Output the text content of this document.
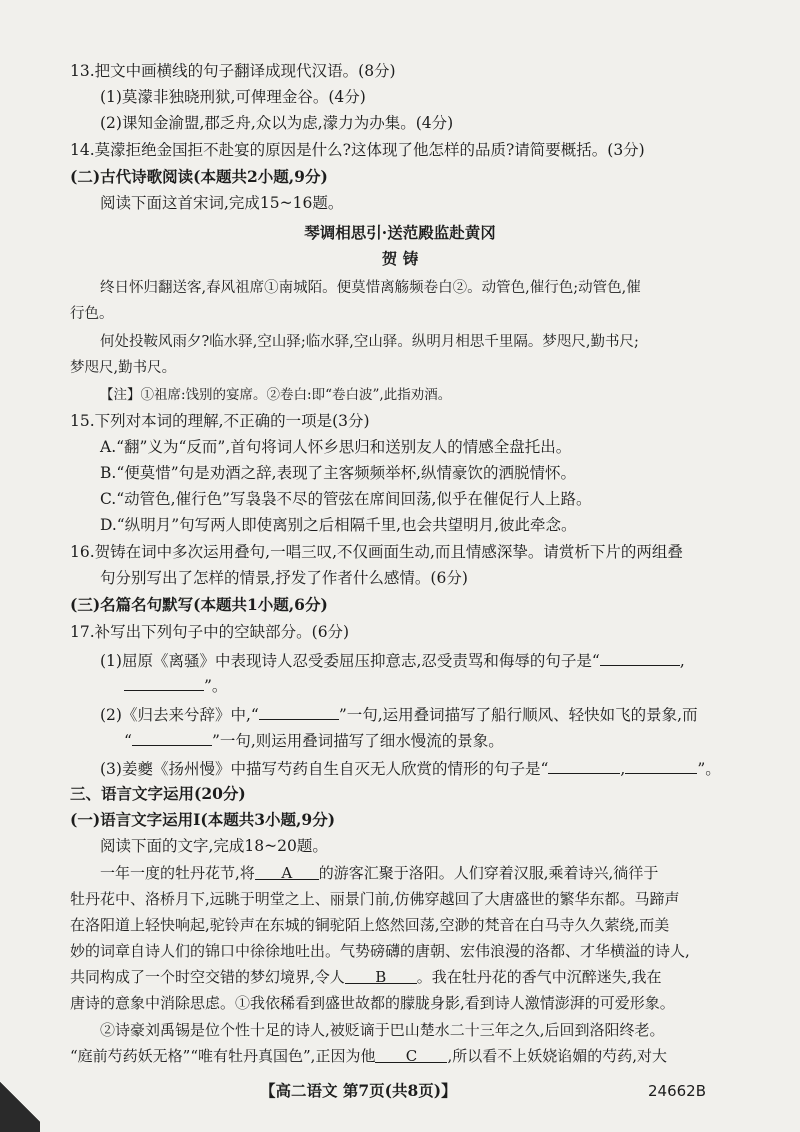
13.把文中画横线的句子翻译成现代汉语。(8分)
(1)莫濛非独晓刑狱,可俾理金谷。(4分)
(2)课知金渝盟,郡乏舟,众以为虑,濛力为办集。(4分)
14.莫濛拒绝金国拒不赴宴的原因是什么?这体现了他怎样的品质?请简要概括。(3分)
(二)古代诗歌阅读(本题共2小题,9分)
阅读下面这首宋词,完成15~16题。
琴调相思引·送范殿监赴黄冈
贺 铸
终日怀归翻送客,春风祖席①南城陌。便莫惜离觞频卷白②。动管色,催行色;动管色,催
行色。
何处投鞍风雨夕?临水驿,空山驿;临水驿,空山驿。纵明月相思千里隔。梦咫尺,勤书尺;
梦咫尺,勤书尺。
【注】①祖席:饯别的宴席。②卷白:即“卷白波”,此指劝酒。
15.下列对本词的理解,不正确的一项是(3分)
A.“翻”义为“反而”,首句将词人怀乡思归和送别友人的情感全盘托出。
B.“便莫惜”句是劝酒之辞,表现了主客频频举杯,纵情豪饮的洒脱情怀。
C.“动管色,催行色”写袅袅不尽的管弦在席间回荡,似乎在催促行人上路。
D.“纵明月”句写两人即使离别之后相隔千里,也会共望明月,彼此牵念。
16.贺铸在词中多次运用叠句,一唱三叹,不仅画面生动,而且情感深挚。请赏析下片的两组叠
句分别写出了怎样的情景,抒发了作者什么感情。(6分)
(三)名篇名句默写(本题共1小题,6分)
17.补写出下列句子中的空缺部分。(6分)
(1)屈原《离骚》中表现诗人忍受委屈压抑意志,忍受责骂和侮辱的句子是“	,
”。
(2)《归去来兮辞》中,“	”一句,运用叠词描写了船行顺风、轻快如飞的景象,而
“	”一句,则运用叠词描写了细水慢流的景象。
(3)姜夔《扬州慢》中描写芍药自生自灭无人欣赏的情形的句子是“	,	”。
三、语言文字运用(20分)
(一)语言文字运用Ⅰ(本题共3小题,9分)
阅读下面的文字,完成18~20题。
一年一度的牡丹花节,将 A 的游客汇聚于洛阳。人们穿着汉服,乘着诗兴,徜徉于
牡丹花中、洛桥月下,远眺于明堂之上、丽景门前,仿佛穿越回了大唐盛世的繁华东都。马蹄声
在洛阳道上轻快响起,驼铃声在东城的铜驼陌上悠然回荡,空渺的梵音在白马寺久久萦绕,而美
妙的词章自诗人们的锦口中徐徐地吐出。气势磅礴的唐朝、宏伟浪漫的洛都、才华横溢的诗人,
共同构成了一个时空交错的梦幻境界,令人 B 。我在牡丹花的香气中沉醉迷失,我在
唐诗的意象中消除思虑。①我依稀看到盛世故都的朦胧身影,看到诗人激情澎湃的可爱形象。
②诗豪刘禹锡是位个性十足的诗人,被贬谪于巴山楚水二十三年之久,后回到洛阳终老。
“庭前芍药妖无格”“唯有牡丹真国色”,正因为他 C ,所以看不上妖娆谄媚的芍药,对大
【高二语文 第7页(共8页)】	24662B
